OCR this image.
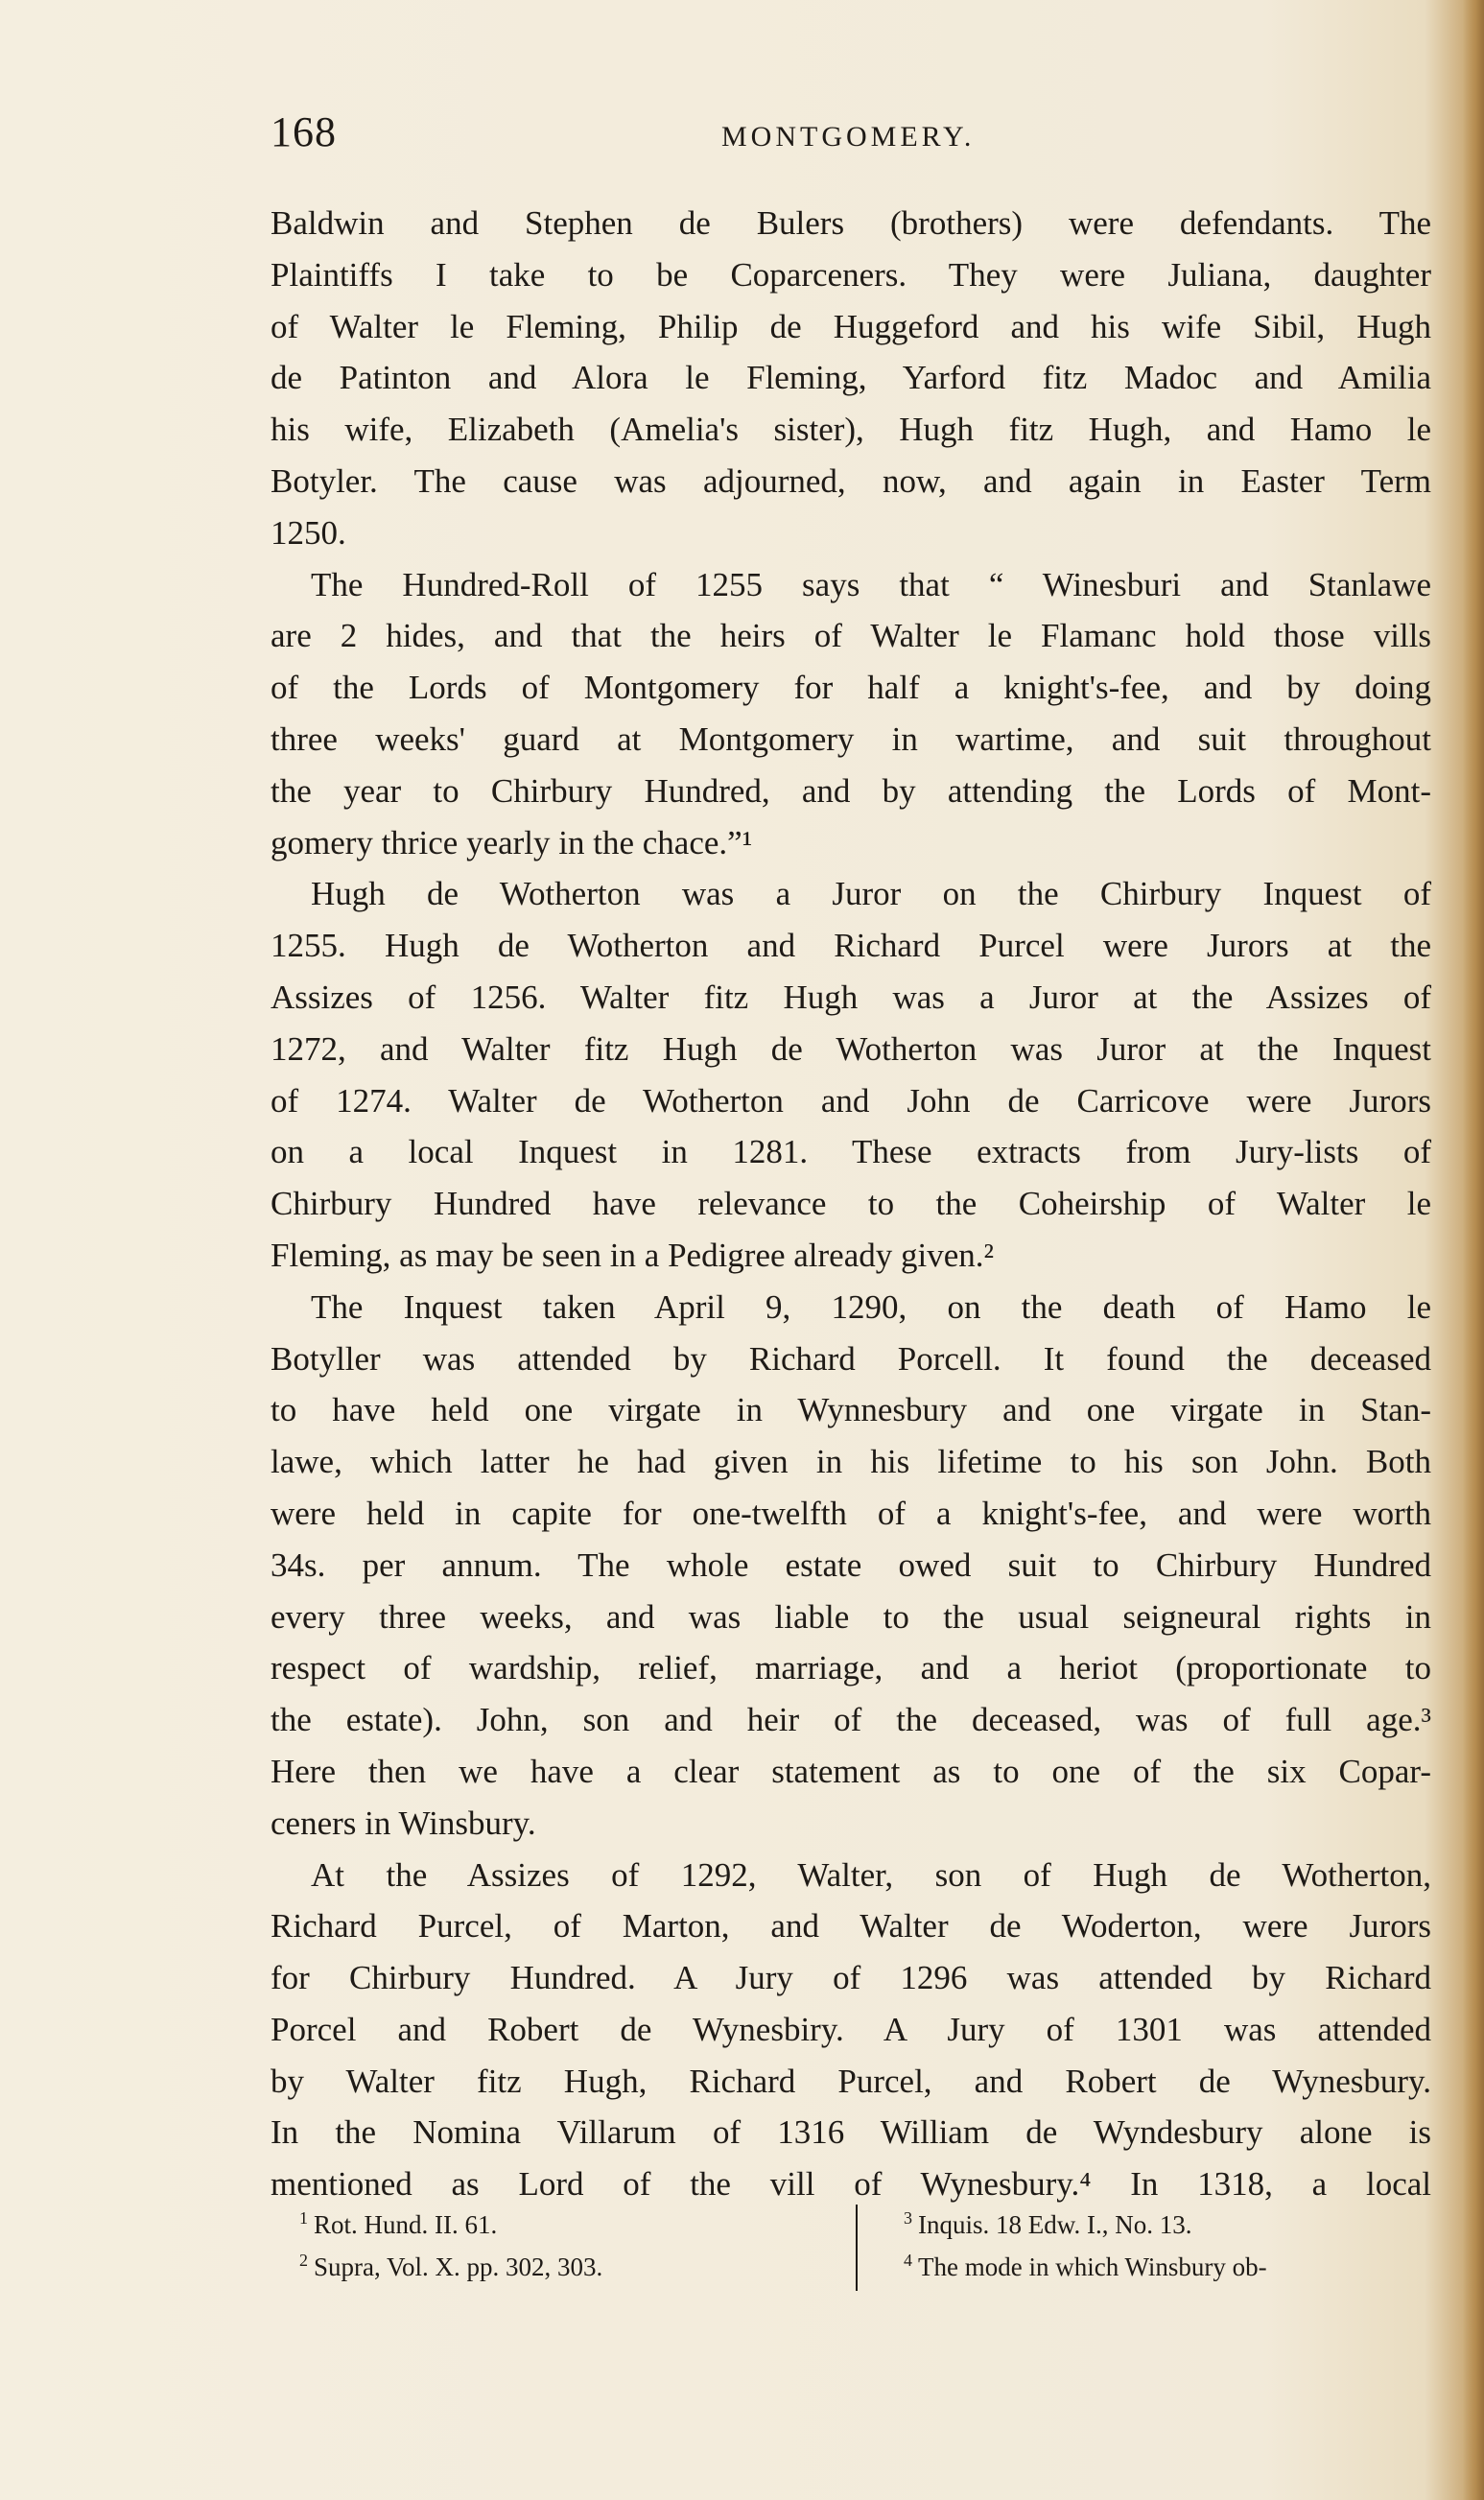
168	MONTGOMERY.
Baldwin and Stephen de Bulers (brothers) were defendants. The
Plaintiffs I take to be Coparceners. They were Juliana, daughter
of Walter le Fleming, Philip de Huggeford and his wife Sibil, Hugh
de Patinton and Alora le Fleming, Yarford fitz Madoc and Amilia
his wife, Elizabeth (Amelia's sister), Hugh fitz Hugh, and Hamo le
Botyler. The cause was adjourned, now, and again in Easter Term
1250.
The Hundred-Roll of 1255 says that “ Winesburi and Stanlawe
are 2 hides, and that the heirs of Walter le Flamanc hold those vills
of the Lords of Montgomery for half a knight's-fee, and by doing
three weeks' guard at Montgomery in wartime, and suit throughout
the year to Chirbury Hundred, and by attending the Lords of Mont-
gomery thrice yearly in the chace.”¹
Hugh de Wotherton was a Juror on the Chirbury Inquest of
1255. Hugh de Wotherton and Richard Purcel were Jurors at the
Assizes of 1256. Walter fitz Hugh was a Juror at the Assizes of
1272, and Walter fitz Hugh de Wotherton was Juror at the Inquest
of 1274. Walter de Wotherton and John de Carricove were Jurors
on a local Inquest in 1281. These extracts from Jury-lists of
Chirbury Hundred have relevance to the Coheirship of Walter le
Fleming, as may be seen in a Pedigree already given.²
The Inquest taken April 9, 1290, on the death of Hamo le
Botyller was attended by Richard Porcell. It found the deceased
to have held one virgate in Wynnesbury and one virgate in Stan-
lawe, which latter he had given in his lifetime to his son John. Both
were held in capite for one-twelfth of a knight's-fee, and were worth
34s. per annum. The whole estate owed suit to Chirbury Hundred
every three weeks, and was liable to the usual seigneural rights in
respect of wardship, relief, marriage, and a heriot (proportionate to
the estate). John, son and heir of the deceased, was of full age.³
Here then we have a clear statement as to one of the six Copar-
ceners in Winsbury.
At the Assizes of 1292, Walter, son of Hugh de Wotherton,
Richard Purcel, of Marton, and Walter de Woderton, were Jurors
for Chirbury Hundred. A Jury of 1296 was attended by Richard
Porcel and Robert de Wynesbiry. A Jury of 1301 was attended
by Walter fitz Hugh, Richard Purcel, and Robert de Wynesbury.
In the Nomina Villarum of 1316 William de Wyndesbury alone is
mentioned as Lord of the vill of Wynesbury.⁴ In 1318, a local
$^1$ Rot. Hund. II. 61.
$^2$ Supra, Vol. X. pp. 302, 303.
$^3$ Inquis. 18 Edw. I., No. 13.
$^4$ The mode in which Winsbury ob-
